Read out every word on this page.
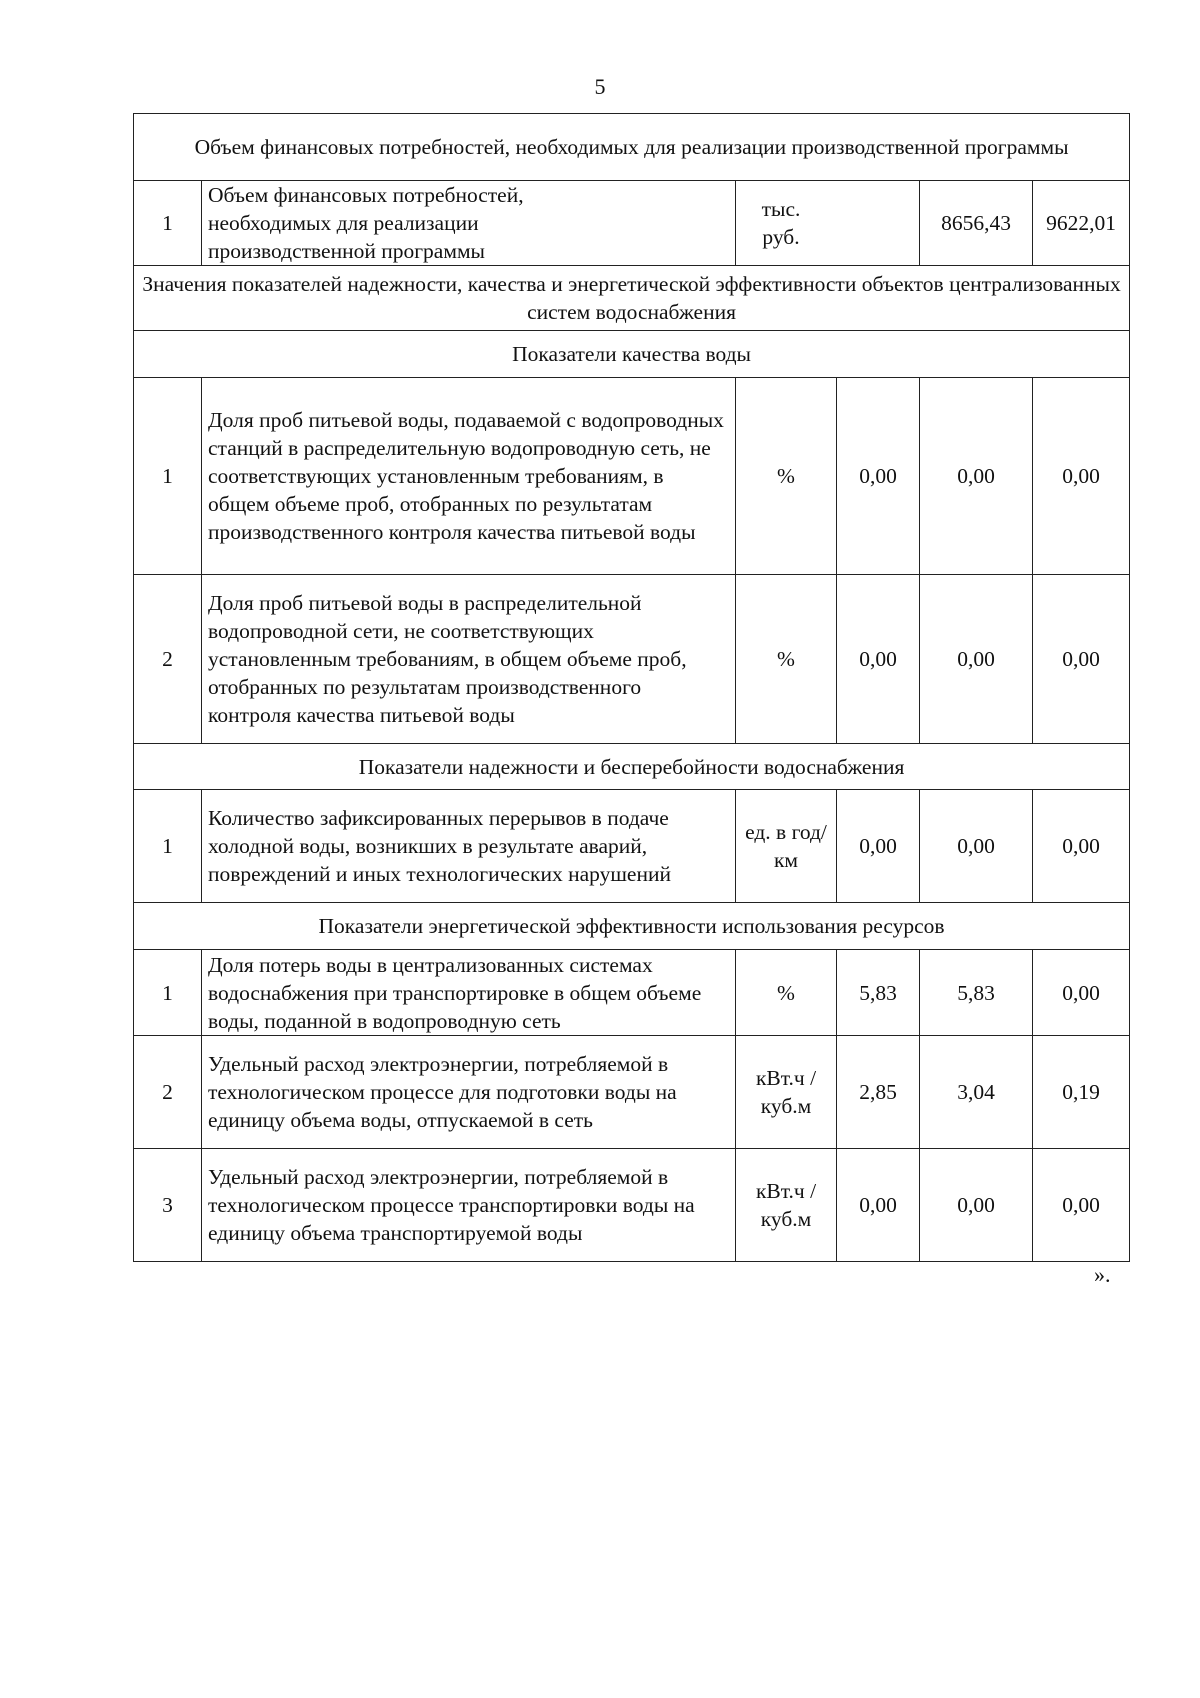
5
Объем финансовых потребностей, необходимых для реализации производственной программы					
1	Объем финансовых потребностей, необходимых для реализации производственной программы	тыс. руб.		8656,43	9622,01
Значения показателей надежности, качества и энергетической эффективности объектов централизованных систем водоснабжения					
Показатели качества воды					
1	Доля проб питьевой воды, подаваемой с водопроводных станций в распределительную водопроводную сеть, не соответствующих установленным требованиям, в общем объеме проб, отобранных по результатам производственного контроля качества питьевой воды	%	0,00	0,00	0,00
2	Доля проб питьевой воды в распределительной водопроводной сети, не соответствующих установленным требованиям, в общем объеме проб, отобранных по результатам производственного контроля качества питьевой воды	%	0,00	0,00	0,00
Показатели надежности и бесперебойности водоснабжения					
1	Количество зафиксированных перерывов в подаче холодной воды, возникших в результате аварий, повреждений и иных технологических нарушений	ед. в год/ км	0,00	0,00	0,00
Показатели энергетической эффективности использования ресурсов					
1	Доля потерь воды в централизованных системах водоснабжения при транспортировке в общем объеме воды, поданной в водопроводную сеть	%	5,83	5,83	0,00
2	Удельный расход электроэнергии, потребляемой в технологическом процессе для подготовки воды на единицу объема воды, отпускаемой в сеть	кВт.ч / куб.м	2,85	3,04	0,19
3	Удельный расход электроэнергии, потребляемой в технологическом процессе транспортировки воды на единицу объема транспортируемой воды	кВт.ч / куб.м	0,00	0,00	0,00
».
